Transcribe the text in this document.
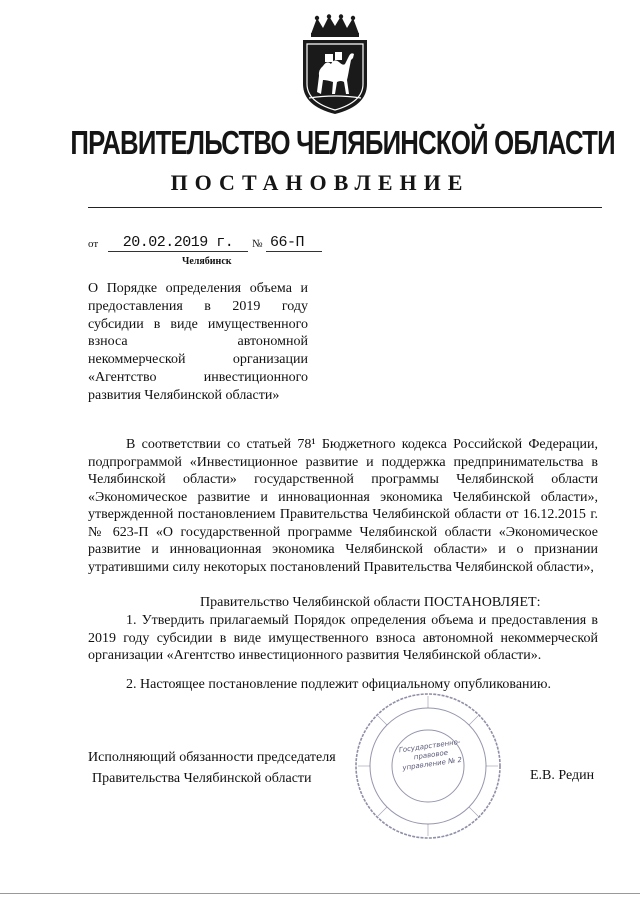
ПРАВИТЕЛЬСТВО ЧЕЛЯБИНСКОЙ ОБЛАСТИ
ПОСТАНОВЛЕНИЕ
от	20.02.2019 г.	№ 66-П
Челябинск
О Порядке определения объема и
предоставления в 2019 году
субсидии в виде имущественного
взноса автономной
некоммерческой организации
«Агентство инвестиционного
развития Челябинской области»
В соответствии со статьей 78¹ Бюджетного кодекса Российской Федерации, подпрограммой «Инвестиционное развитие и поддержка предпринимательства в Челябинской области» государственной программы Челябинской области «Экономическое развитие и инновационная экономика Челябинской области», утвержденной постановлением Правительства Челябинской области от 16.12.2015 г. № 623-П «О государственной программе Челябинской области «Экономическое развитие и инновационная экономика Челябинской области» и о признании утратившими силу некоторых постановлений Правительства Челябинской области»,
Правительство Челябинской области ПОСТАНОВЛЯЕТ:
1. Утвердить прилагаемый Порядок определения объема и предоставления в 2019 году субсидии в виде имущественного взноса автономной некоммерческой организации «Агентство инвестиционного развития Челябинской области».
2. Настоящее постановление подлежит официальному опубликованию.
Государственно-правовое управление № 2
Исполняющий обязанности председателя
Правительства Челябинской области	Е.В. Редин
